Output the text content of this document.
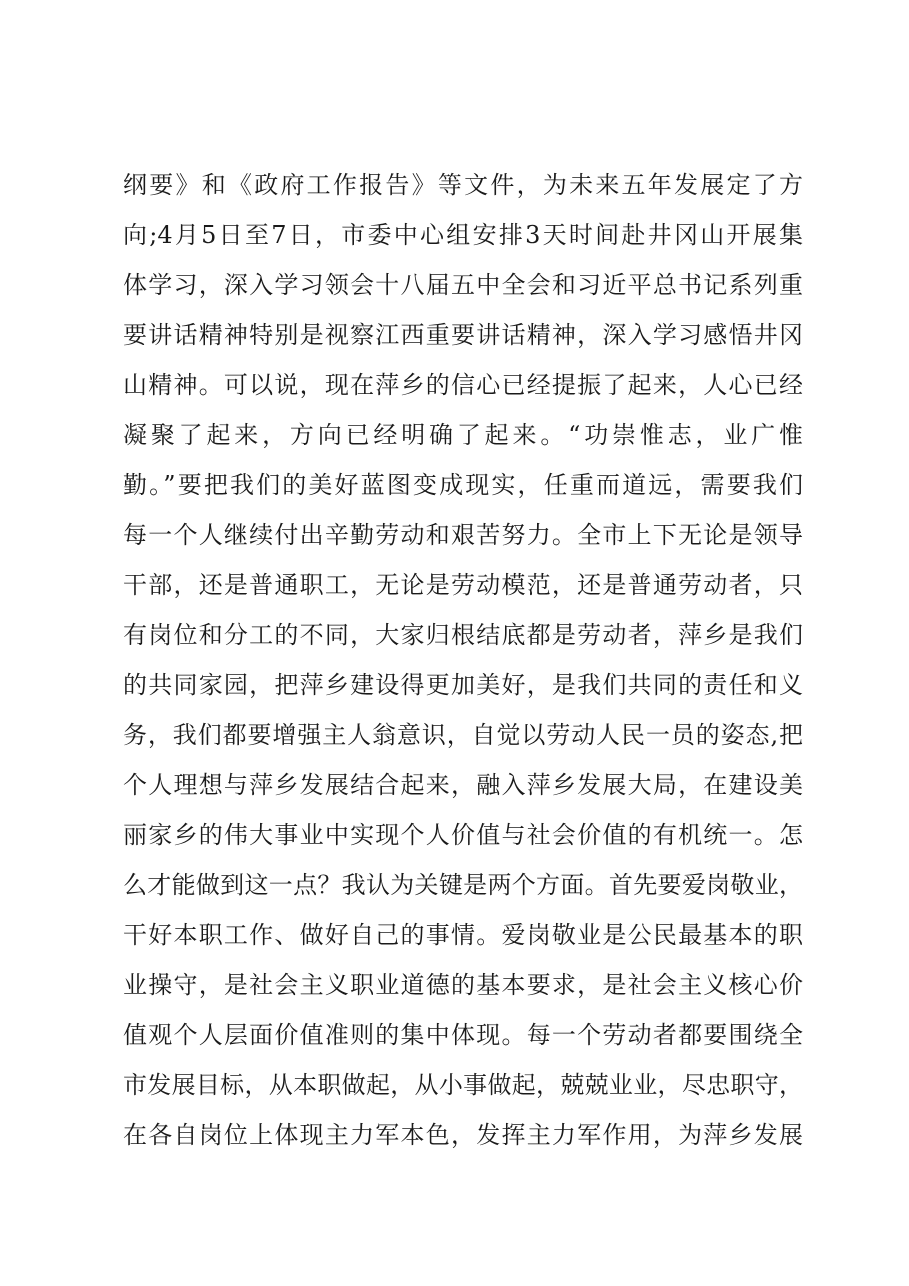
纲要》和《政府工作报告》等文件，为未来五年发展定了方
向;4月5日至7日，市委中心组安排3天时间赴井冈山开展集
体学习，深入学习领会十八届五中全会和习近平总书记系列重
要讲话精神特别是视察江西重要讲话精神，深入学习感悟井冈
山精神。可以说，现在萍乡的信心已经提振了起来，人心已经
凝聚了起来，方向已经明确了起来。“功崇惟志，业广惟
勤。”要把我们的美好蓝图变成现实，任重而道远，需要我们
每一个人继续付出辛勤劳动和艰苦努力。全市上下无论是领导
干部，还是普通职工，无论是劳动模范，还是普通劳动者，只
有岗位和分工的不同，大家归根结底都是劳动者，萍乡是我们
的共同家园，把萍乡建设得更加美好，是我们共同的责任和义
务，我们都要增强主人翁意识，自觉以劳动人民一员的姿态,把
个人理想与萍乡发展结合起来，融入萍乡发展大局，在建设美
丽家乡的伟大事业中实现个人价值与社会价值的有机统一。怎
么才能做到这一点？我认为关键是两个方面。首先要爱岗敬业，
干好本职工作、做好自己的事情。爱岗敬业是公民最基本的职
业操守，是社会主义职业道德的基本要求，是社会主义核心价
值观个人层面价值准则的集中体现。每一个劳动者都要围绕全
市发展目标，从本职做起，从小事做起，兢兢业业，尽忠职守，
在各自岗位上体现主力军本色，发挥主力军作用，为萍乡发展
